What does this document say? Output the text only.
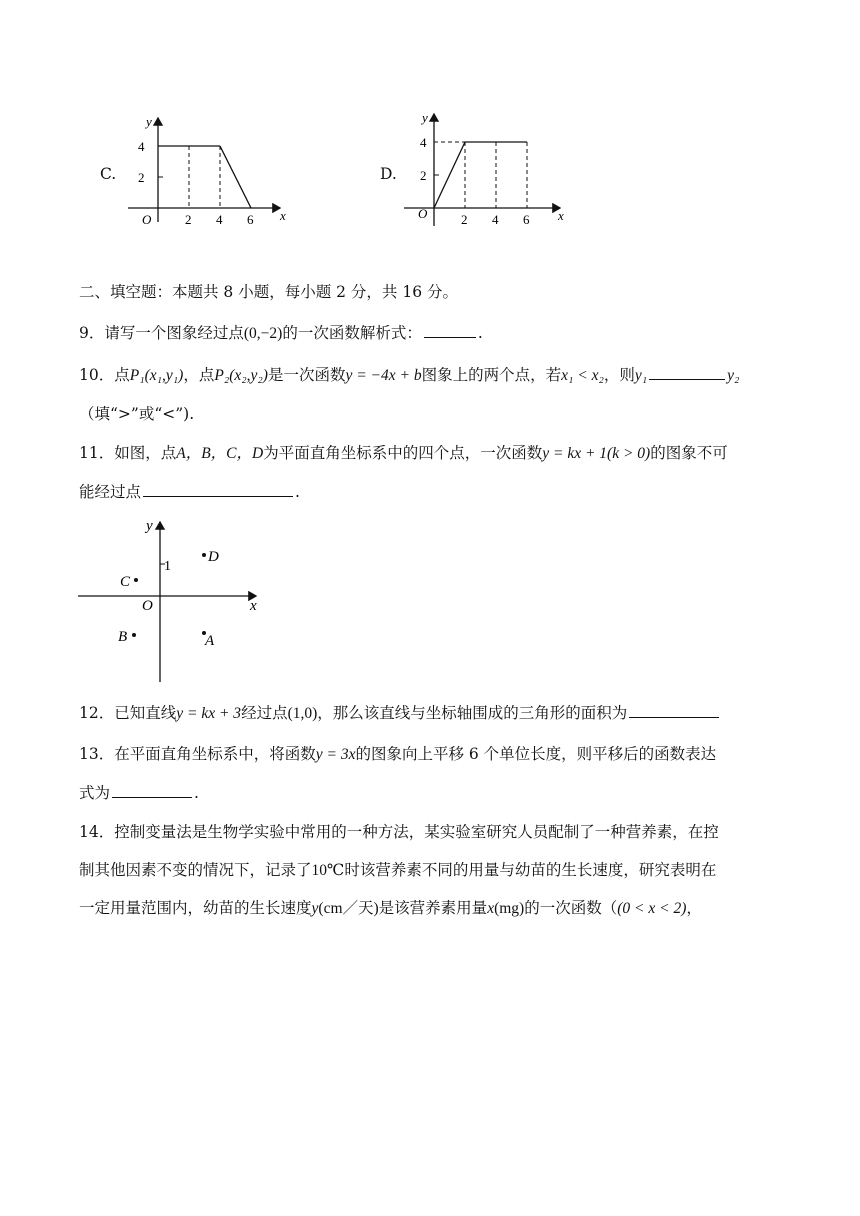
C.
y
4
2
O	2 4 6 x
D.
y
4
2
O	2 4 6 x
二、填空题：本题共 8 小题，每小题 2 分，共 16 分。
9．请写一个图象经过点(0,−2)的一次函数解析式：	.
10．点P₁(x₁,y₁)，点P₂(x₂,y₂)是一次函数y = −4x + b图象上的两个点，若x₁ < x₂，则y₁	y₂
（填“>”或“<”).
11．如图，点A，B，C，D为平面直角坐标系中的四个点，一次函数y = kx + 1(k > 0)的图象不可
能经过点	.
y
x
O
1
D
C
B	A
12．已知直线y = kx + 3经过点(1,0)，那么该直线与坐标轴围成的三角形的面积为
13．在平面直角坐标系中，将函数y = 3x的图象向上平移 6 个单位长度，则平移后的函数表达
式为	.
14．控制变量法是生物学实验中常用的一种方法，某实验室研究人员配制了一种营养素，在控
制其他因素不变的情况下，记录了10℃时该营养素不同的用量与幼苗的生长速度，研究表明在
一定用量范围内，幼苗的生长速度y(cm／天)是该营养素用量x(mg)的一次函数（(0 < x < 2)，
